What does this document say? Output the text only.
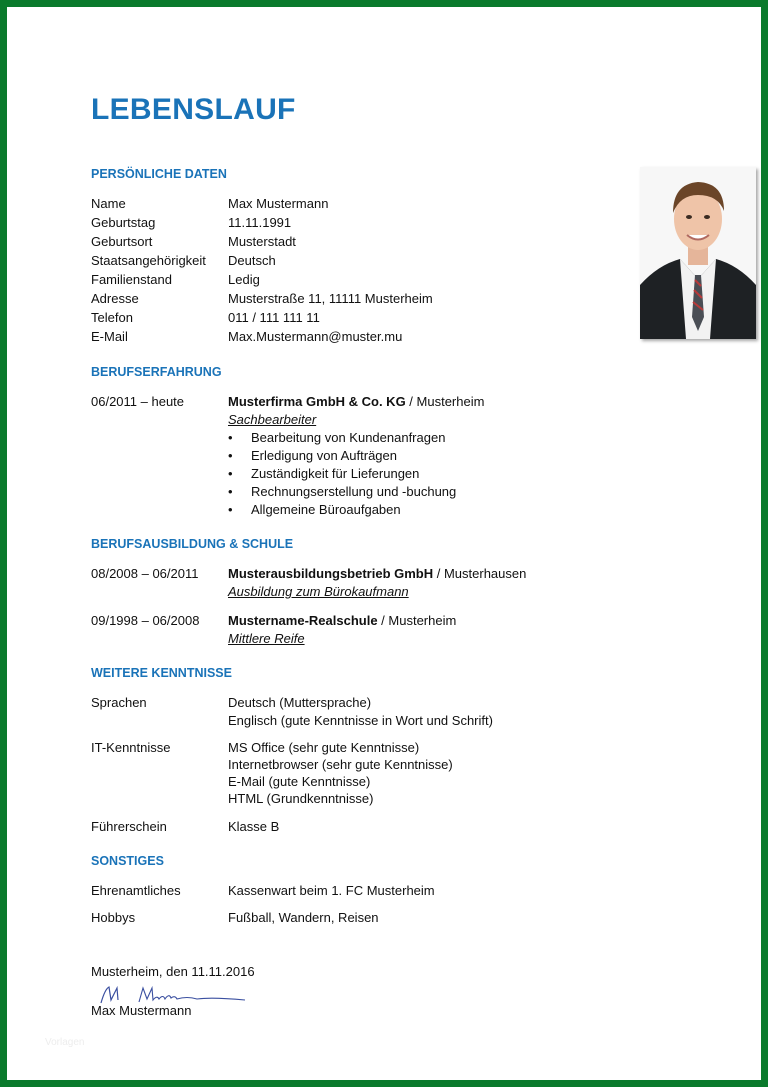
LEBENSLAUF
PERSÖNLICHE DATEN
Name	Max Mustermann
Geburtstag	11.11.1991
Geburtsort	Musterstadt
Staatsangehörigkeit Deutsch
Familienstand	Ledig
Adresse	Musterstraße 11, 11111 Musterheim
Telefon	011 / 111 111 11
E-Mail	Max.Mustermann@muster.mu
BERUFSERFAHRUNG
06/2011 – heute	Musterfirma GmbH & Co. KG / Musterheim
Sachbearbeiter
• Bearbeitung von Kundenanfragen
• Erledigung von Aufträgen
• Zuständigkeit für Lieferungen
• Rechnungserstellung und -buchung
• Allgemeine Büroaufgaben
BERUFSAUSBILDUNG & SCHULE
08/2008 – 06/2011 Musterausbildungsbetrieb GmbH / Musterhausen
Ausbildung zum Bürokaufmann
09/1998 – 06/2008 Mustername-Realschule / Musterheim
Mittlere Reife
WEITERE KENNTNISSE
Sprachen	Deutsch (Muttersprache)
Englisch (gute Kenntnisse in Wort und Schrift)
IT-Kenntnisse	MS Office (sehr gute Kenntnisse)
Internetbrowser (sehr gute Kenntnisse)
E-Mail (gute Kenntnisse)
HTML (Grundkenntnisse)
Führerschein	Klasse B
SONSTIGES
Ehrenamtliches	Kassenwart beim 1. FC Musterheim
Hobbys	Fußball, Wandern, Reisen
Musterheim, den 11.11.2016
Max Mustermann
Vorlagen
